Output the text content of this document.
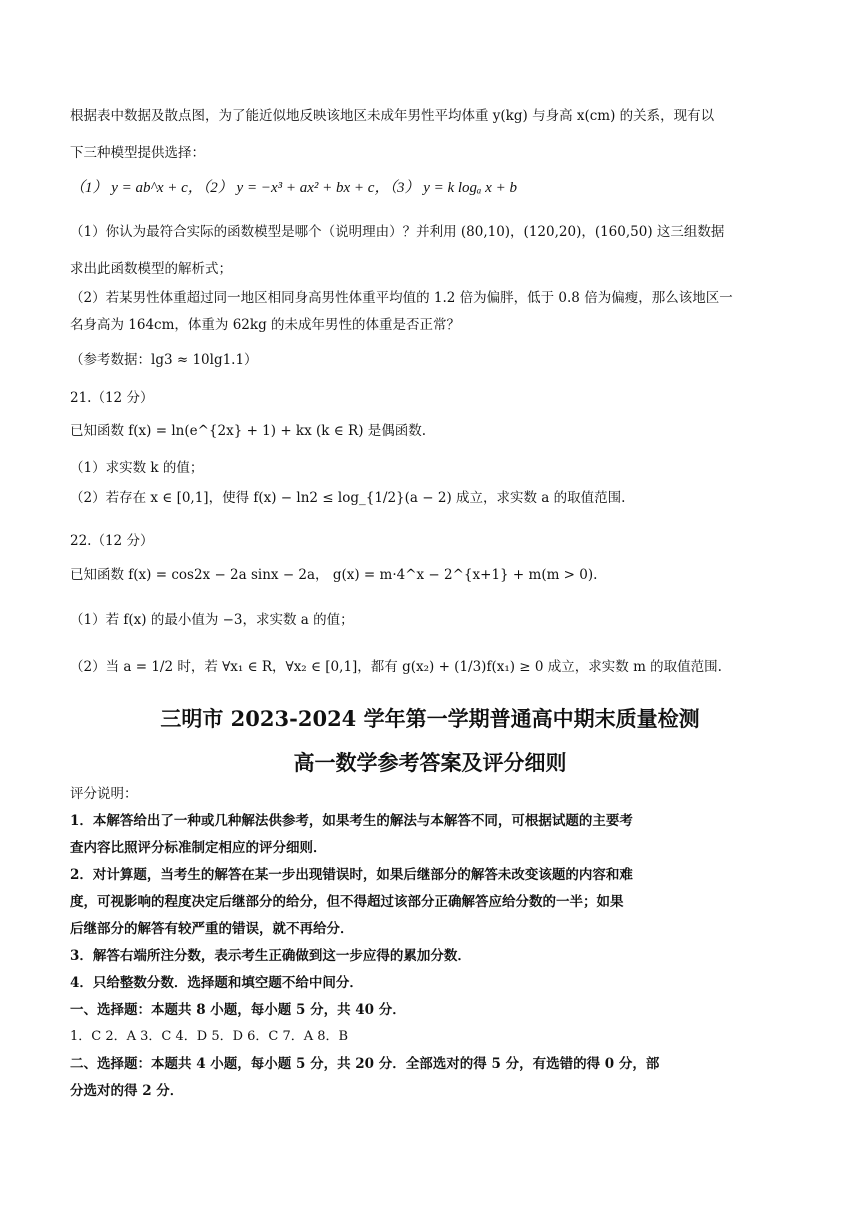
根据表中数据及散点图，为了能近似地反映该地区未成年男性平均体重 y(kg) 与身高 x(cm) 的关系，现有以
下三种模型提供选择：
（1） y = ab^x + c，（2） y = −x³ + ax² + bx + c，（3） y = k logₐ x + b
（1）你认为最符合实际的函数模型是哪个（说明理由）？并利用 (80,10)，(120,20)，(160,50) 这三组数据
求出此函数模型的解析式；
（2）若某男性体重超过同一地区相同身高男性体重平均值的 1.2 倍为偏胖，低于 0.8 倍为偏瘦，那么该地区一
名身高为 164cm，体重为 62kg 的未成年男性的体重是否正常？
（参考数据：lg3 ≈ 10lg1.1）
21.（12 分）
已知函数 f(x) = ln(e^{2x} + 1) + kx (k ∈ R) 是偶函数.
（1）求实数 k 的值；
（2）若存在 x ∈ [0,1]，使得 f(x) − ln2 ≤ log_{1/2}(a − 2) 成立，求实数 a 的取值范围.
22.（12 分）
已知函数 f(x) = cos2x − 2a sinx − 2a， g(x) = m·4^x − 2^{x+1} + m(m > 0).
（1）若 f(x) 的最小值为 −3，求实数 a 的值；
（2）当 a = 1/2 时，若 ∀x₁ ∈ R，∀x₂ ∈ [0,1]，都有 g(x₂) + (1/3)f(x₁) ≥ 0 成立，求实数 m 的取值范围.
三明市 2023-2024 学年第一学期普通高中期末质量检测
高一数学参考答案及评分细则
评分说明：
1．本解答给出了一种或几种解法供参考，如果考生的解法与本解答不同，可根据试题的主要考
查内容比照评分标准制定相应的评分细则．
2．对计算题，当考生的解答在某一步出现错误时，如果后继部分的解答未改变该题的内容和难
度，可视影响的程度决定后继部分的给分，但不得超过该部分正确解答应给分数的一半；如果
后继部分的解答有较严重的错误，就不再给分．
3．解答右端所注分数，表示考生正确做到这一步应得的累加分数．
4．只给整数分数．选择题和填空题不给中间分．
一、选择题：本题共 8 小题，每小题 5 分，共 40 分．
1．C 2．A 3．C 4．D 5．D 6．C 7．A 8．B
二、选择题：本题共 4 小题，每小题 5 分，共 20 分．全部选对的得 5 分，有选错的得 0 分，部
分选对的得 2 分．
